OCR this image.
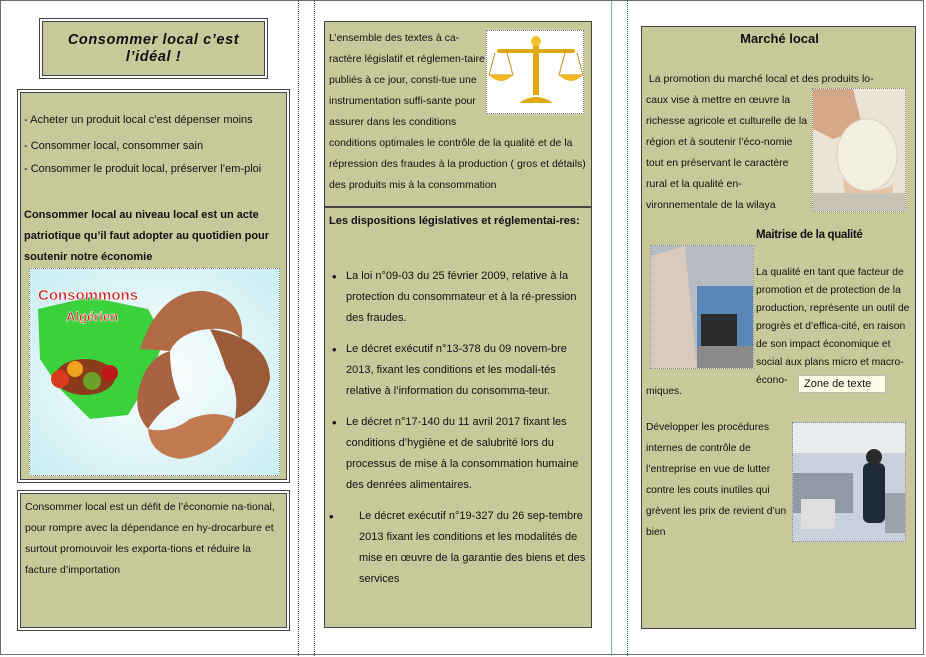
Consommer local c’est l’idéal !
- Acheter un produit local c’est dépenser moins
- Consommer local, consommer sain
- Consommer le produit local, préserver l’em-ploi
Consommer local au niveau local est un acte patriotique qu’il faut adopter au quotidien pour soutenir notre économie
Consommons
Algérien
Consommer local est un défit de l’économie na-tional, pour rompre avec la dépendance en hy-drocarbure et surtout promouvoir les exporta-tions et réduire la facture d’importation
L’ensemble des textes à ca-ractère législatif et réglemen-taire publiés à ce jour, consti-tue une instrumentation suffi-sante pour assurer dans les conditions
conditions optimales le contrôle de la qualité et de la répression des fraudes à la production ( gros et détails) des produits mis à la consommation
Les dispositions législatives et réglementai-res:
• La loi n°09-03 du 25 février 2009, relative à la protection du consommateur et à la ré-pression des fraudes.
• Le décret exécutif n°13-378 du 09 novem-bre 2013, fixant les conditions et les modali-tés relative à l’information du consomma-teur.
• Le décret n°17-140 du 11 avril 2017 fixant les conditions d’hygiène et de salubrité lors du processus de mise à la consommation humaine des denrées alimentaires.
• Le décret exécutif n°19-327 du 26 sep-tembre 2013 fixant les conditions et les modalités de mise en œuvre de la garantie des biens et des services
Marché local
La promotion du marché local et des produits lo-
caux vise à mettre en œuvre la richesse agricole et culturelle de la région et à soutenir l’éco-nomie tout en préservant le caractère rural et la qualité en-vironnementale de la wilaya
Maitrise de la qualité
La qualité en tant que facteur de promotion et de protection de la production, représente un outil de progrès et d’effica-cité, en raison de son impact économique et social aux plans micro et macro-écono-
miques.
Zone de texte
Développer les procédures internes de contrôle de l’entreprise en vue de lutter contre les couts inutiles qui grèvent les prix de revient d’un bien
